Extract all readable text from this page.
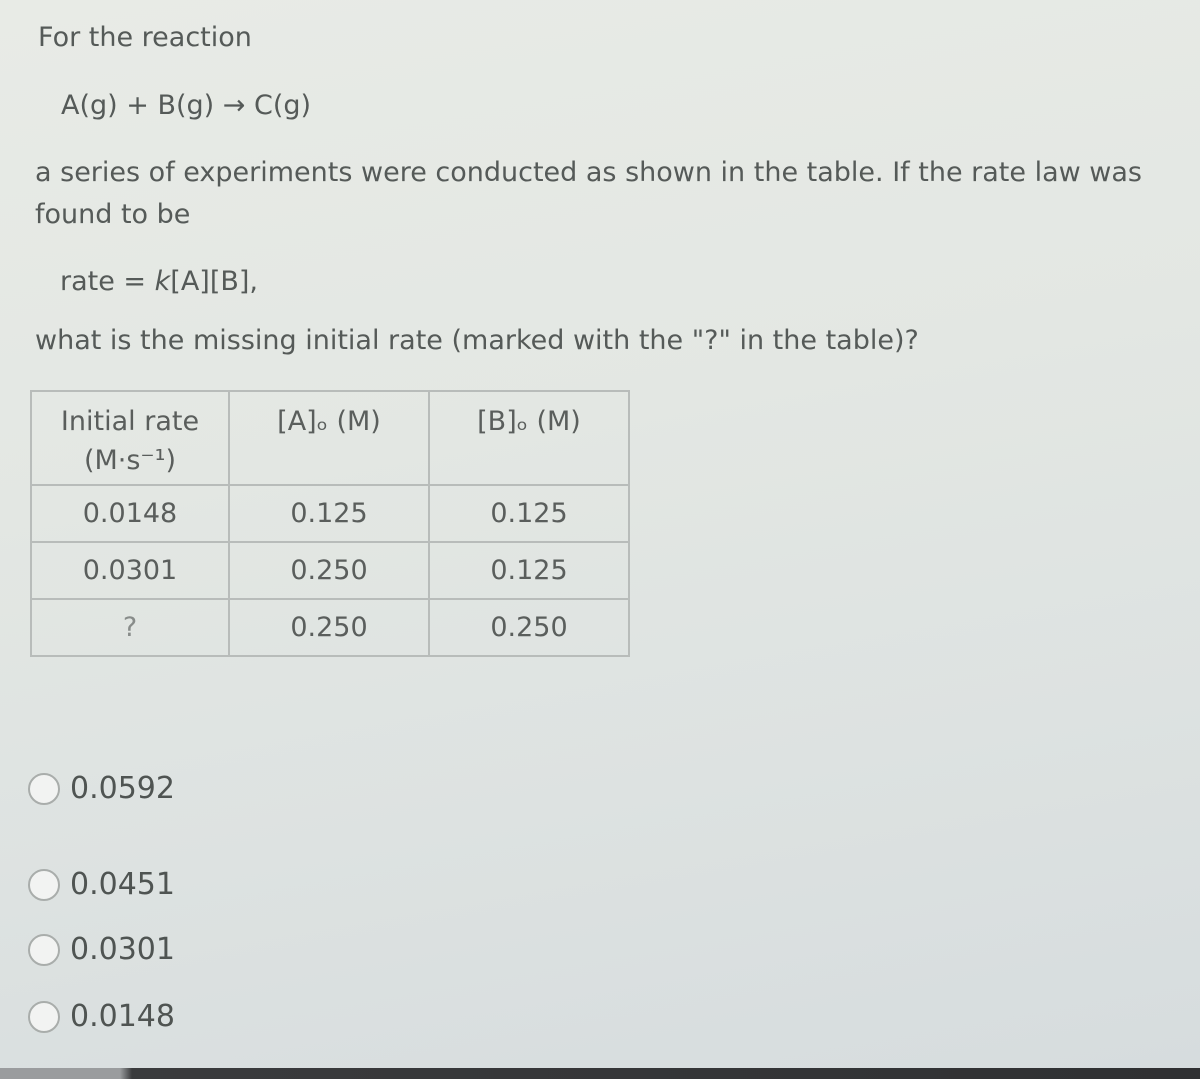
For the reaction
A(g) + B(g) → C(g)
a series of experiments were conducted as shown in the table. If the rate law was found to be
rate = k[A][B],
what is the missing initial rate (marked with the "?" in the table)?
Initial rate
(M·s⁻¹)	[A]ₒ (M)	[B]ₒ (M)
0.0148	0.125	0.125
0.0301	0.250	0.125
?	0.250	0.250
0.0592
0.0451
0.0301
0.0148
